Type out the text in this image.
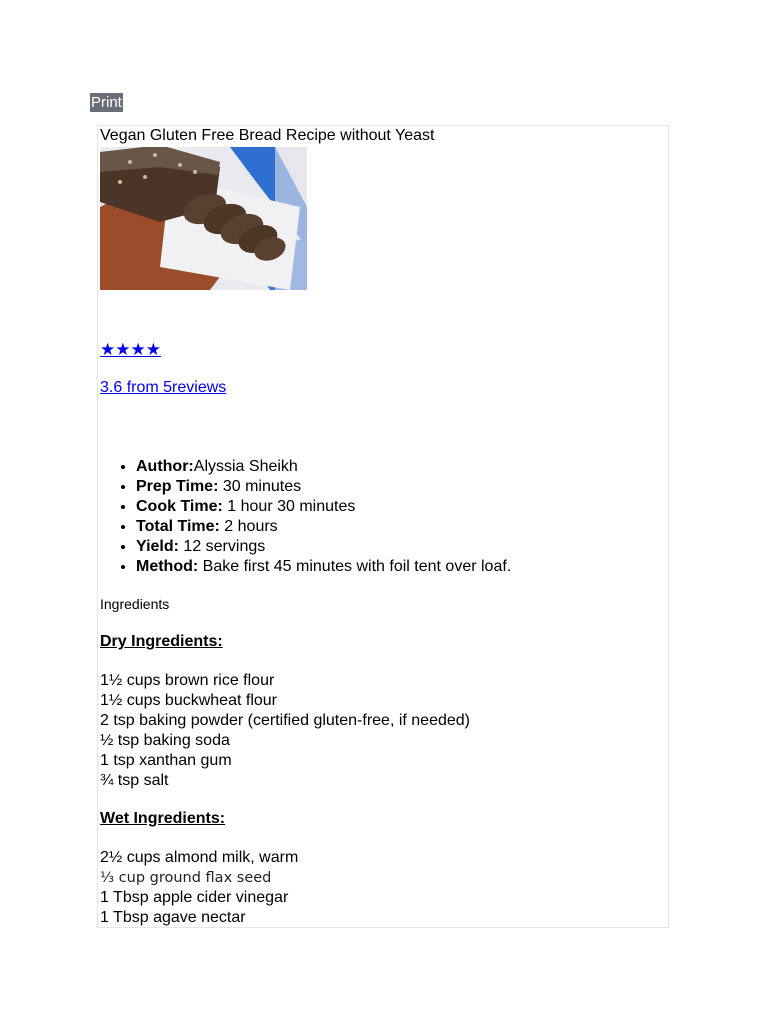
Print
Vegan Gluten Free Bread Recipe without Yeast
★★★★
3.6 from 5reviews
• Author:Alyssia Sheikh
• Prep Time: 30 minutes
• Cook Time: 1 hour 30 minutes
• Total Time: 2 hours
• Yield: 12 servings
• Method: Bake first 45 minutes with foil tent over loaf.
Ingredients
Dry Ingredients:
1½ cups brown rice flour
1½ cups buckwheat flour
2 tsp baking powder (certified gluten-free, if needed)
½ tsp baking soda
1 tsp xanthan gum
¾ tsp salt
Wet Ingredients:
2½ cups almond milk, warm
⅓ cup ground flax seed
1 Tbsp apple cider vinegar
1 Tbsp agave nectar
